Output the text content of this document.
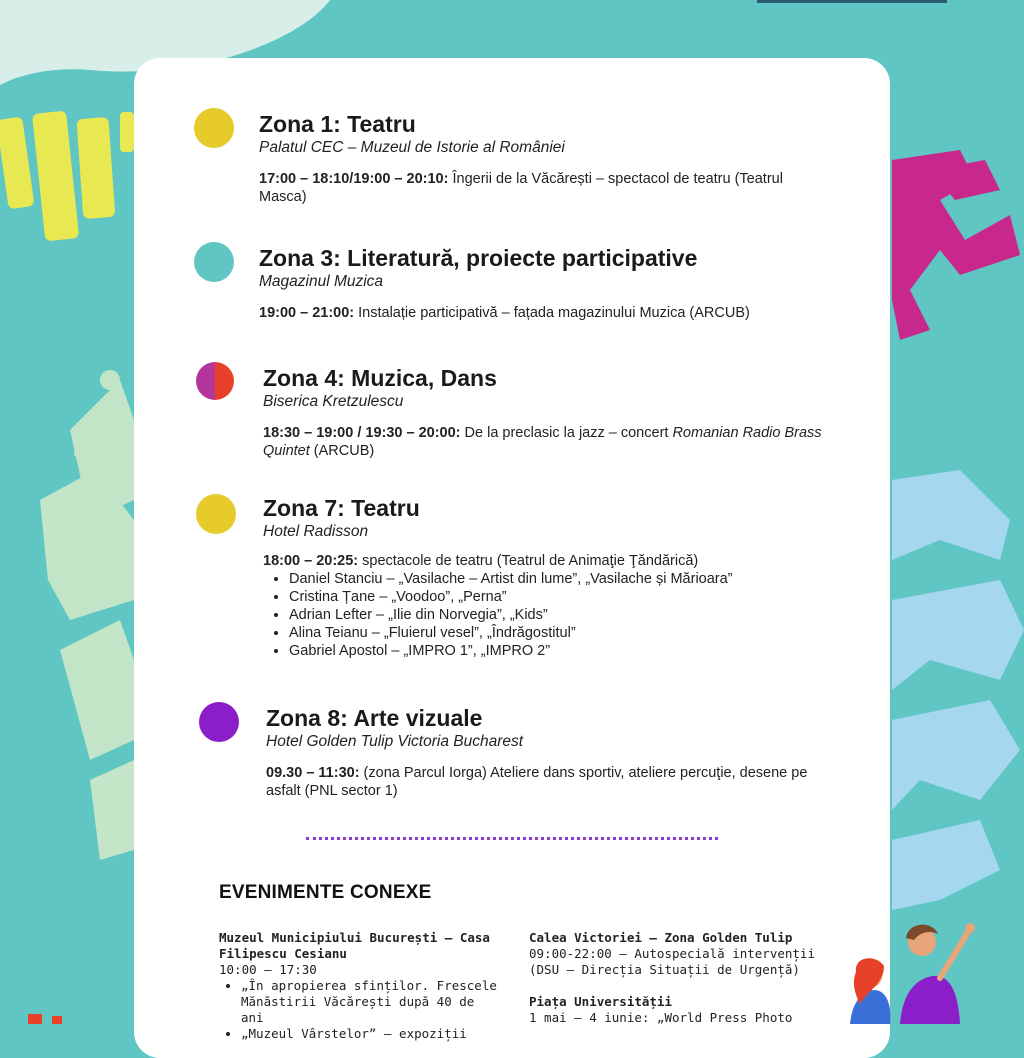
Zona 1: Teatru

Palatul CEC – Muzeul de Istorie al României

17:00 – 18:10/19:00 – 20:10: Îngerii de la Văcărești – spectacol de teatru (Teatrul Masca)

Zona 3: Literatură, proiecte participative

Magazinul Muzica

19:00 – 21:00: Instalație participativă – fațada magazinului Muzica (ARCUB)

Zona 4: Muzica, Dans

Biserica Kretzulescu

18:30 – 19:00 / 19:30 – 20:00: De la preclasic la jazz – concert Romanian Radio Brass Quintet (ARCUB)

Zona 7: Teatru

Hotel Radisson

18:00 – 20:25: spectacole de teatru (Teatrul de Animaţie Ţăndărică)

• Daniel Stanciu – „Vasilache – Artist din lume”, „Vasilache și Mărioara”
• Cristina Țane – „Voodoo”, „Perna”
• Adrian Lefter – „Ilie din Norvegia”, „Kids”
• Alina Teianu – „Fluierul vesel”, „Îndrăgostitul”
• Gabriel Apostol – „IMPRO 1”, „IMPRO 2”

Zona 8: Arte vizuale

Hotel Golden Tulip Victoria Bucharest

09.30 – 11:30: (zona Parcul Iorga) Ateliere dans sportiv, ateliere percuţie, desene pe asfalt (PNL sector 1)

EVENIMENTE CONEXE

Muzeul Municipiului București – Casa Filipescu Cesianu
10:00 – 17:30
• „În apropierea sfinților. Frescele Mănăstirii Văcărești după 40 de ani
• „Muzeul Vârstelor” – expoziții
Calea Victoriei – Zona Golden Tulip
09:00-22:00 – Autospecială intervenții (DSU – Direcția Situații de Urgență)
Piața Universității
1 mai – 4 iunie: „World Press Photo
